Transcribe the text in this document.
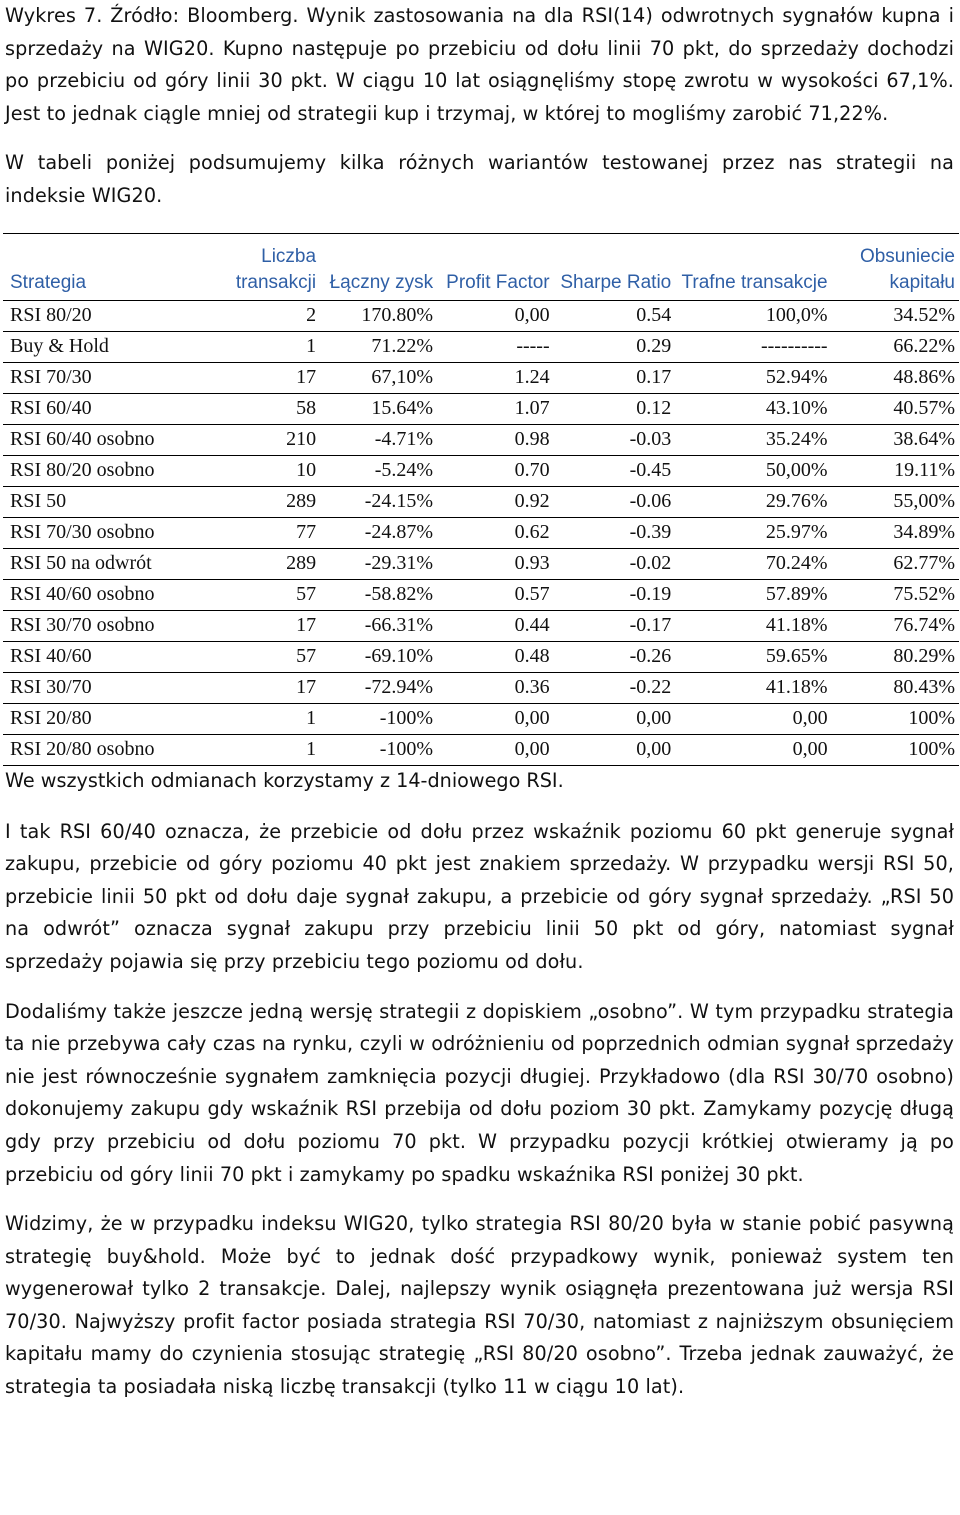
Wykres 7. Źródło: Bloomberg. Wynik zastosowania na dla RSI(14) odwrotnych sygnałów kupna i sprzedaży na WIG20. Kupno następuje po przebiciu od dołu linii 70 pkt, do sprzedaży dochodzi po przebiciu od góry linii 30 pkt. W ciągu 10 lat osiągnęliśmy stopę zwrotu w wysokości 67,1%. Jest to jednak ciągle mniej od strategii kup i trzymaj, w której to mogliśmy zarobić 71,22%.

W tabeli poniżej podsumujemy kilka różnych wariantów testowanej przez nas strategii na indeksie WIG20.

Strategia	Liczba transakcji	Łączny zysk	Profit Factor	Sharpe Ratio	Trafne transakcje	Obsuniecie kapitału
RSI 80/20	2	170.80%	0,00	0.54	100,0%	34.52%
Buy & Hold	1	71.22%	-----	0.29	----------	66.22%
RSI 70/30	17	67,10%	1.24	0.17	52.94%	48.86%
RSI 60/40	58	15.64%	1.07	0.12	43.10%	40.57%
RSI 60/40 osobno	210	-4.71%	0.98	-0.03	35.24%	38.64%
RSI 80/20 osobno	10	-5.24%	0.70	-0.45	50,00%	19.11%
RSI 50	289	-24.15%	0.92	-0.06	29.76%	55,00%
RSI 70/30 osobno	77	-24.87%	0.62	-0.39	25.97%	34.89%
RSI 50 na odwrót	289	-29.31%	0.93	-0.02	70.24%	62.77%
RSI 40/60 osobno	57	-58.82%	0.57	-0.19	57.89%	75.52%
RSI 30/70 osobno	17	-66.31%	0.44	-0.17	41.18%	76.74%
RSI 40/60	57	-69.10%	0.48	-0.26	59.65%	80.29%
RSI 30/70	17	-72.94%	0.36	-0.22	41.18%	80.43%
RSI 20/80	1	-100%	0,00	0,00	0,00	100%
RSI 20/80 osobno	1	-100%	0,00	0,00	0,00	100%

We wszystkich odmianach korzystamy z 14-dniowego RSI.

I tak RSI 60/40 oznacza, że przebicie od dołu przez wskaźnik poziomu 60 pkt generuje sygnał zakupu, przebicie od góry poziomu 40 pkt jest znakiem sprzedaży. W przypadku wersji RSI 50, przebicie linii 50 pkt od dołu daje sygnał zakupu, a przebicie od góry sygnał sprzedaży. „RSI 50 na odwrót” oznacza sygnał zakupu przy przebiciu linii 50 pkt od góry, natomiast sygnał sprzedaży pojawia się przy przebiciu tego poziomu od dołu.

Dodaliśmy także jeszcze jedną wersję strategii z dopiskiem „osobno”. W tym przypadku strategia ta nie przebywa cały czas na rynku, czyli w odróżnieniu od poprzednich odmian sygnał sprzedaży nie jest równocześnie sygnałem zamknięcia pozycji długiej. Przykładowo (dla RSI 30/70 osobno) dokonujemy zakupu gdy wskaźnik RSI przebija od dołu poziom 30 pkt. Zamykamy pozycję długą gdy przy przebiciu od dołu poziomu 70 pkt. W przypadku pozycji krótkiej otwieramy ją po przebiciu od góry linii 70 pkt i zamykamy po spadku wskaźnika RSI poniżej 30 pkt.

Widzimy, że w przypadku indeksu WIG20, tylko strategia RSI 80/20 była w stanie pobić pasywną strategię buy&hold. Może być to jednak dość przypadkowy wynik, ponieważ system ten wygenerował tylko 2 transakcje. Dalej, najlepszy wynik osiągnęła prezentowana już wersja RSI 70/30. Najwyższy profit factor posiada strategia RSI 70/30, natomiast z najniższym obsunięciem kapitału mamy do czynienia stosując strategię „RSI 80/20 osobno”. Trzeba jednak zauważyć, że strategia ta posiadała niską liczbę transakcji (tylko 11 w ciągu 10 lat).
